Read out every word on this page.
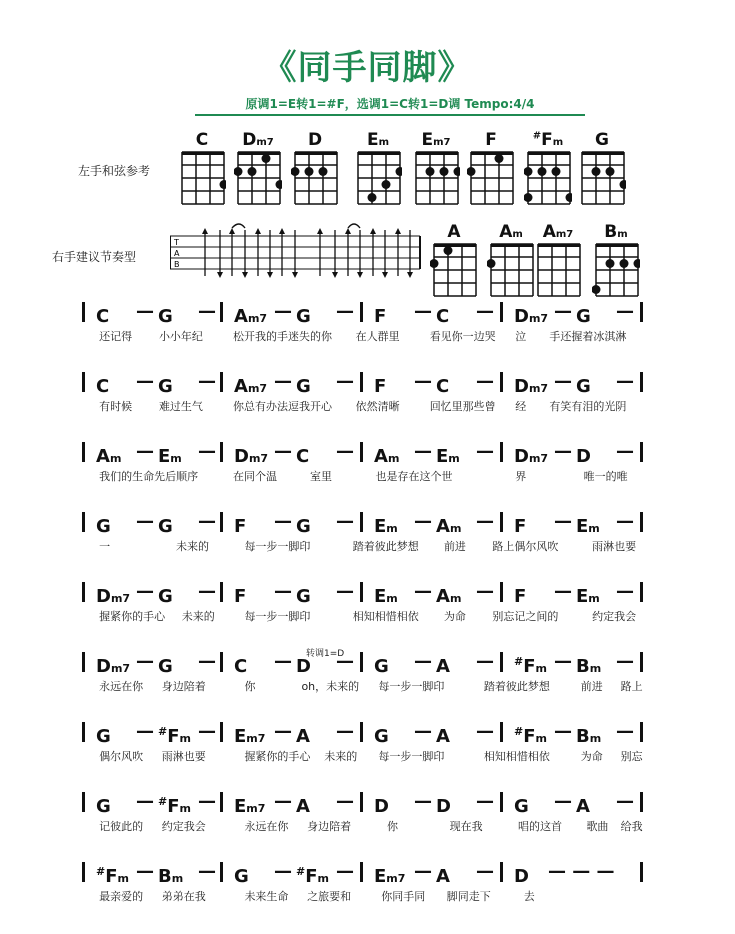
《同手同脚》
原调1=E转1=#F，选调1=C转1=D调 Tempo:4/4
左手和弦参考
右手建议节奏型
C	Dm7	D	Em	Em7	F	#Fm	G
A	Am	Am7	Bm
T
A
B
C — G — Am7 — G — F — C — Dm7 — G —
还记得 小小年纪	松开我的手迷失的你 在人群里	看见你一边哭 泣 手还握着冰淇淋
C — G — Am7 — G — F — C — Dm7 — G —
有时候 难过生气	你总有办法逗我开心 依然清晰	回忆里那些曾 经 有笑有泪的光阴
Am — Em — Dm7 — C — Am — Em — Dm7 — D —
我们的生命先后顺序	在同个温	室里	也是存在这个世	界	唯一的唯
G — G — F — G — Em — Am — F — Em —
一	未来的	每一步一脚印	踏着彼此梦想 前进 路上偶尔风吹	雨淋也要
Dm7 — G — F — G — Em — Am — F — Em —
握紧你的手心 未来的	每一步一脚印	相知相惜相依 为命 别忘记之间的	约定我会
Dm7 — G — C — D — G — A — #Fm — Bm —
永远在你 身边陪着	你	oh，未来的 每一步一脚印	踏着彼此梦想	前进 路上
G — #Fm — Em7 — A — G — A — #Fm — Bm —
偶尔风吹 雨淋也要	握紧你的手心 未来的 每一步一脚印	相知相惜相依	为命 别忘
G — #Fm — Em7 — A — D — D — G — A —
记彼此的 约定我会	永远在你 身边陪着	你	现在我	唱的这首 歌曲 给我
#Fm — Bm — G — #Fm — Em7 — A — D — — —
最亲爱的 弟弟在我	未来生命 之旅要和	你同手同 脚同走下	去
转调1=D
